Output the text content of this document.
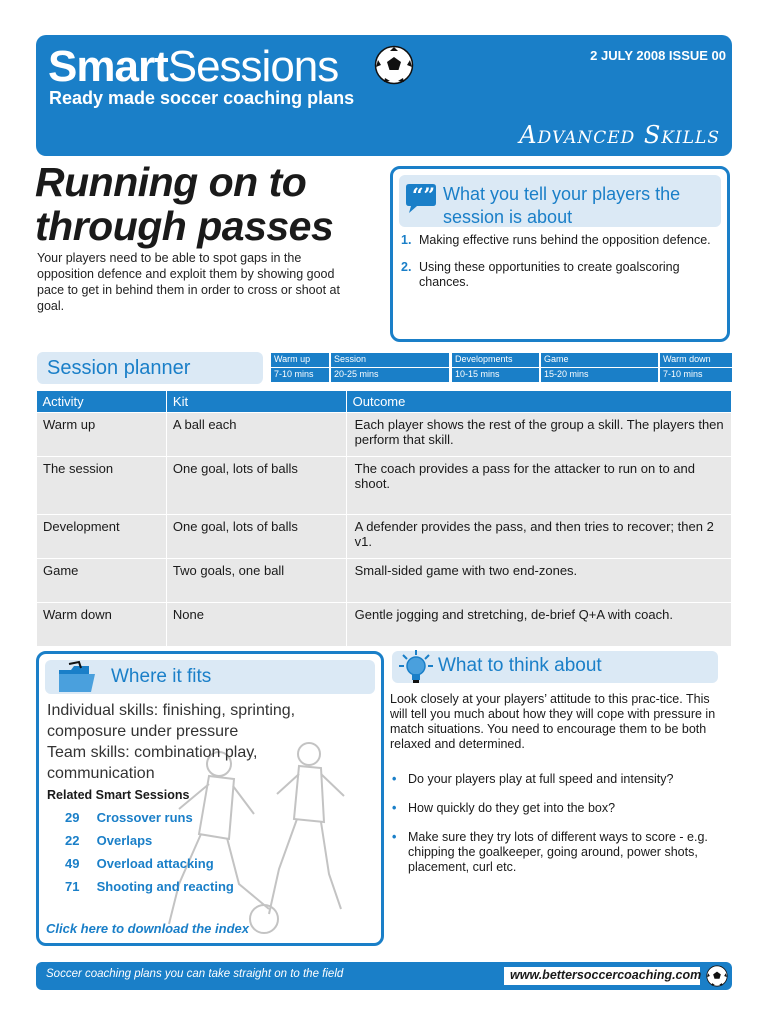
SmartSessions
Ready made soccer coaching plans
2 JULY 2008 ISSUE 00
Advanced Skills
Running on to
through passes
Your players need to be able to spot gaps in the opposition defence and exploit them by showing good pace to get in behind them in order to cross or shoot at goal.
“” What you tell your players the session is about
1. Making effective runs behind the opposition defence.
2. Using these opportunities to create goalscoring chances.
Session planner	Warm up
7-10 mins
Session
20-25 mins
Developments
10-15 mins
Game
15-20 mins
Warm down
7-10 mins
Activity	Kit	Outcome
Warm up	A ball each	Each player shows the rest of the group a skill. The players then perform that skill.
The session	One goal, lots of balls	The coach provides a pass for the attacker to run on to and shoot.
Development	One goal, lots of balls	A defender provides the pass, and then tries to recover; then 2 v1.
Game	Two goals, one ball	Small-sided game with two end-zones.
Warm down	None	Gentle jogging and stretching, de-brief Q+A with coach.
Where it fits
Individual skills: finishing, sprinting, composure under pressure
Team skills: combination play, communication
Related Smart Sessions
29 Crossover runs
22 Overlaps
49 Overload attacking
71 Shooting and reacting
Click here to download the index
What to think about
Look closely at your players’ attitude to this prac-tice. This will tell you much about how they will cope with pressure in match situations. You need to encourage them to be both relaxed and determined.
• Do your players play at full speed and intensity?
• How quickly do they get into the box?
• Make sure they try lots of different ways to score - e.g. chipping the goalkeeper, going around, power shots, placement, curl etc.
Soccer coaching plans you can take straight on to the field	www.bettersoccercoaching.com
